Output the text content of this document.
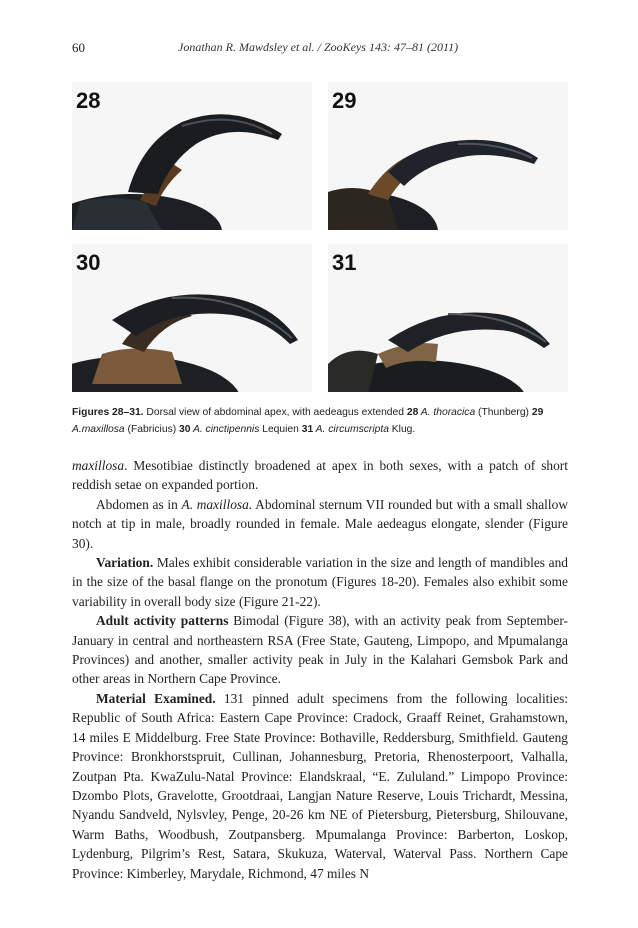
60	Jonathan R. Mawdsley et al. / ZooKeys 143: 47–81 (2011)
28	29
30	31
Figures 28–31. Dorsal view of abdominal apex, with aedeagus extended 28 A. thoracica (Thunberg) 29 A.maxillosa (Fabricius) 30 A. cinctipennis Lequien 31 A. circumscripta Klug.

maxillosa. Mesotibiae distinctly broadened at apex in both sexes, with a patch of short reddish setae on expanded portion.

Abdomen as in A. maxillosa. Abdominal sternum VII rounded but with a small shallow notch at tip in male, broadly rounded in female. Male aedeagus elongate, slender (Figure 30).

Variation. Males exhibit considerable variation in the size and length of mandibles and in the size of the basal flange on the pronotum (Figures 18-20). Females also exhibit some variability in overall body size (Figure 21-22).

Adult activity patterns Bimodal (Figure 38), with an activity peak from September-January in central and northeastern RSA (Free State, Gauteng, Limpopo, and Mpumalanga Provinces) and another, smaller activity peak in July in the Kalahari Gemsbok Park and other areas in Northern Cape Province.

Material Examined. 131 pinned adult specimens from the following localities: Republic of South Africa: Eastern Cape Province: Cradock, Graaff Reinet, Grahamstown, 14 miles E Middelburg. Free State Province: Bothaville, Reddersburg, Smithfield. Gauteng Province: Bronkhorstspruit, Cullinan, Johannesburg, Pretoria, Rhenosterpoort, Valhalla, Zoutpan Pta. KwaZulu-Natal Province: Elandskraal, “E. Zululand.” Limpopo Province: Dzombo Plots, Gravelotte, Grootdraai, Langjan Nature Reserve, Louis Trichardt, Messina, Nyandu Sandveld, Nylsvley, Penge, 20-26 km NE of Pietersburg, Pietersburg, Shilouvane, Warm Baths, Woodbush, Zoutpansberg. Mpumalanga Province: Barberton, Loskop, Lydenburg, Pilgrim’s Rest, Satara, Skukuza, Waterval, Waterval Pass. Northern Cape Province: Kimberley, Marydale, Richmond, 47 miles N
